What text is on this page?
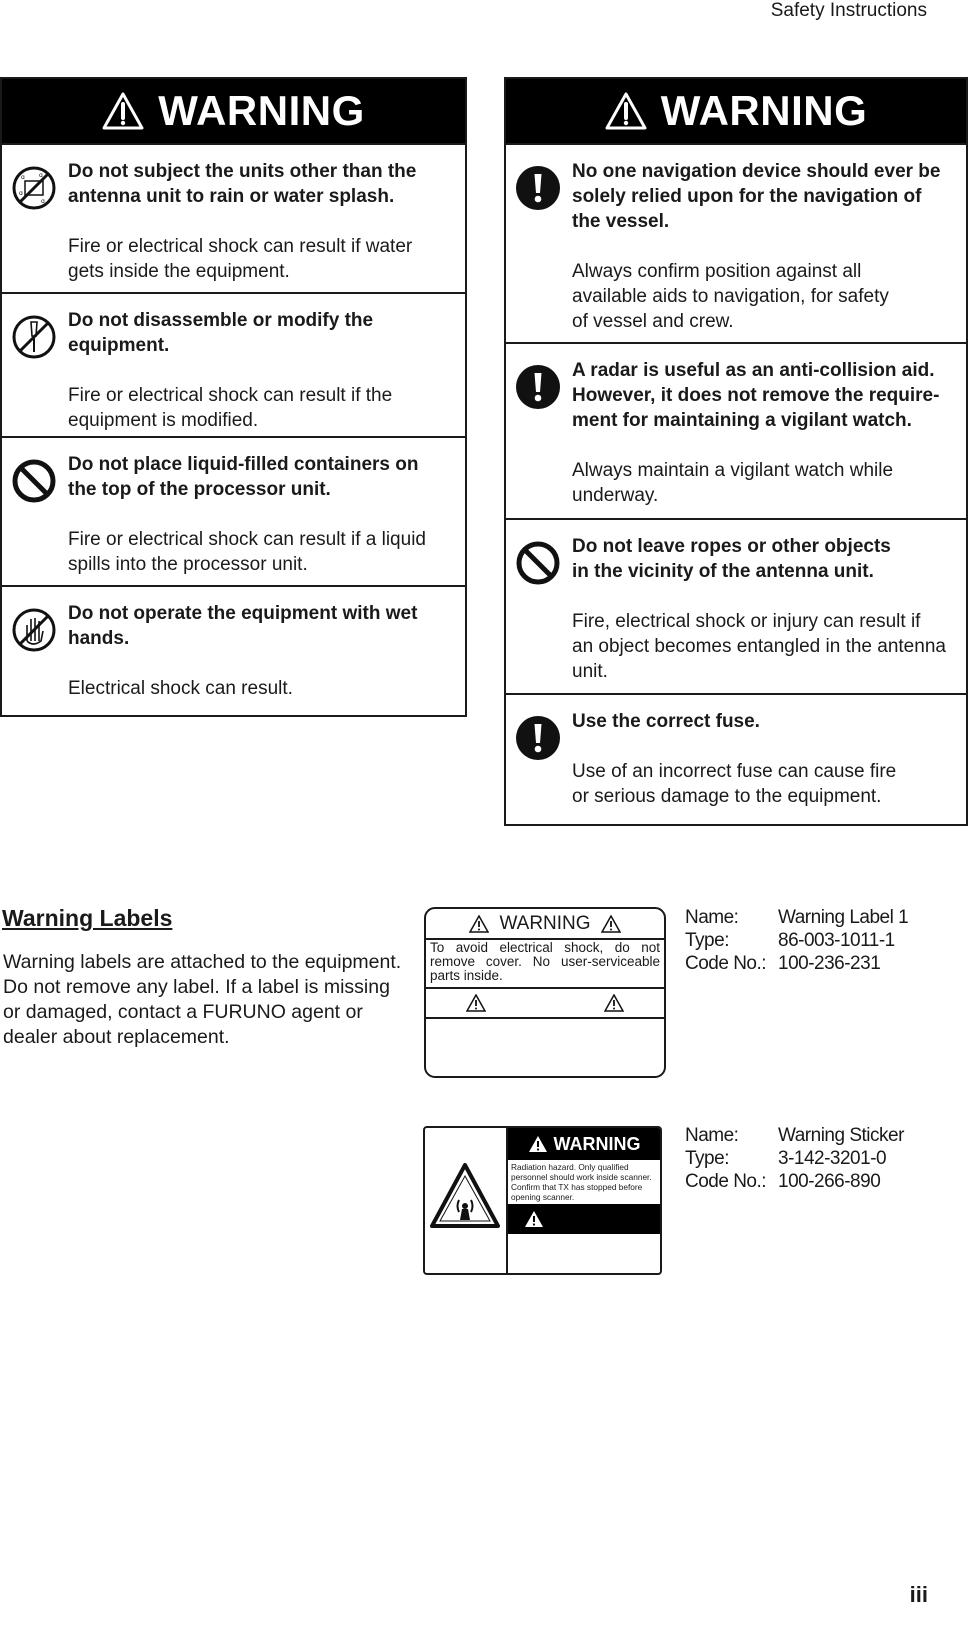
Safety Instructions
WARNING
ɑ ɑ
ɑ
ɑ

Do not subject the units other than the
antenna unit to rain or water splash.

Fire or electrical shock can result if water
gets inside the equipment.

Do not disassemble or modify the
equipment.

Fire or electrical shock can result if the
equipment is modified.

Do not place liquid-filled containers on
the top of the processor unit.

Fire or electrical shock can result if a liquid
spills into the processor unit.

Do not operate the equipment with wet
hands.

Electrical shock can result.

WARNING

No one navigation device should ever be
solely relied upon for the navigation of
the vessel.

Always confirm position against all
available aids to navigation, for safety
of vessel and crew.

A radar is useful as an anti-collision aid.
However, it does not remove the require-
ment for maintaining a vigilant watch.

Always maintain a vigilant watch while
underway.

Do not leave ropes or other objects
in the vicinity of the antenna unit.

Fire, electrical shock or injury can result if
an object becomes entangled in the antenna
unit.

Use the correct fuse.

Use of an incorrect fuse can cause fire
or serious damage to the equipment.

Warning Labels
Warning labels are attached to the equipment.
Do not remove any label. If a label is missing
or damaged, contact a FURUNO agent or
dealer about replacement.
WARNING
To avoid electrical shock, do not remove cover. No user-serviceable parts inside.
Name:	Warning Label 1
Type:	86-003-1011-1
Code No.: 100-236-231
WARNING
Radiation hazard. Only qualified personnel should work inside scanner. Confirm that TX has stopped before opening scanner.
Name:	Warning Sticker
Type:	3-142-3201-0
Code No.: 100-266-890
iii
